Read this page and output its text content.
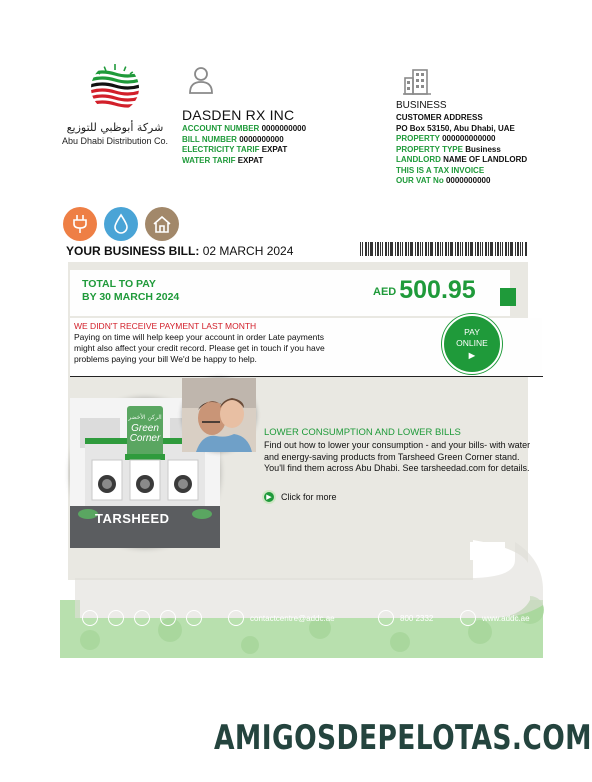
شركة أبوظبي للتوزيع
Abu Dhabi Distribution Co.
DASDEN RX INC
ACCOUNT NUMBER 0000000000
BILL NUMBER 0000000000
ELECTRICITY TARIF EXPAT
WATER TARIF EXPAT
BUSINESS
CUSTOMER ADDRESS
PO Box 53150, Abu Dhabi, UAE
PROPERTY 000000000000
PROPERTY TYPE Business
LANDLORD NAME OF LANDLORD
THIS IS A TAX INVOICE
OUR VAT No 0000000000
YOUR BUSINESS BILL: 02 MARCH 2024
TOTAL TO PAY
BY 30 MARCH 2024	AED 500.95
WE DIDN'T RECEIVE PAYMENT LAST MONTH
Paying on time will help keep your account in order Late payments might also affect your credit record. Please get in touch if you have problems paying your bill We'd be happy to help.
PAY
ONLINE
►
contactcentre@addc.ae	800 2332	www.addc.ae
الركن الأخضر
Green
Corner
TARSHEED
LOWER CONSUMPTION AND LOWER BILLS
Find out how to lower your consumption - and your bills- with water and energy-saving products from Tarsheed Green Corner stand. You'll find them across Abu Dhabi. See tarsheedad.com for details.
▶	Click for more
AMIGOSDEPELOTAS.COM
